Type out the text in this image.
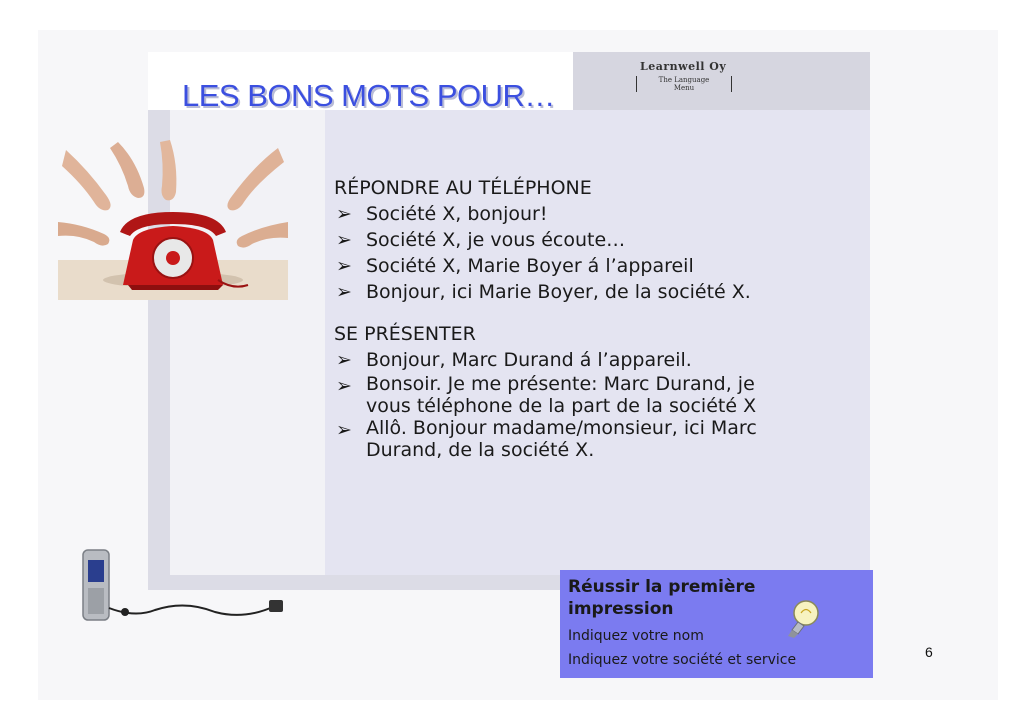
LES BONS MOTS POUR…
Learnwell Oy
The Language
Menu

RÉPONDRE AU TÉLÉPHONE

➢ Société X, bonjour!
➢ Société X, je vous écoute…
➢ Société X, Marie Boyer á l’appareil
➢ Bonjour, ici Marie Boyer, de la société X.

SE PRÉSENTER

➢ Bonjour, Marc Durand á l’appareil.
➢ Bonsoir. Je me présente: Marc Durand, je
vous téléphone de la part de la société X
➢ Allô. Bonjour madame/monsieur, ici Marc
Durand, de la société X.
Réussir la première impression
Indiquez votre nom
Indiquez votre société et service	6
